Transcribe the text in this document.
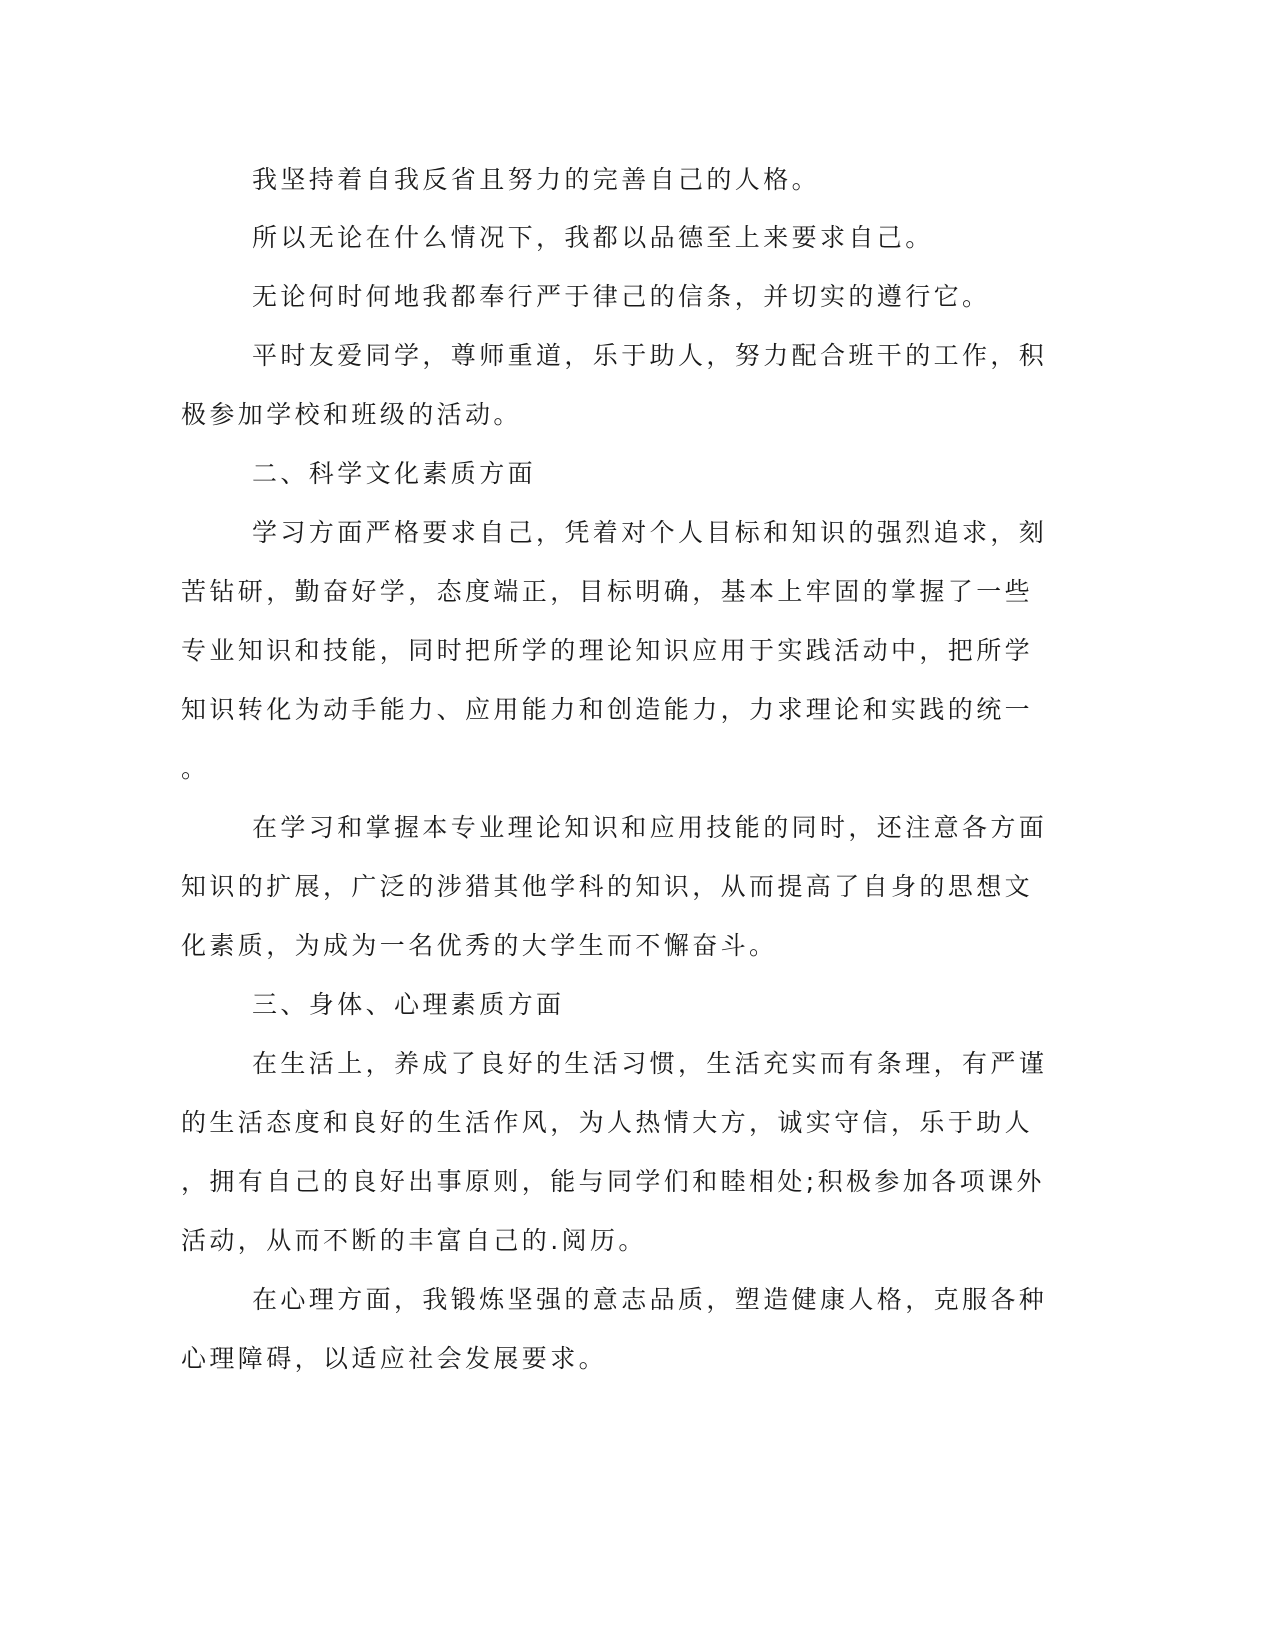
我坚持着自我反省且努力的完善自己的人格。
所以无论在什么情况下，我都以品德至上来要求自己。
无论何时何地我都奉行严于律己的信条，并切实的遵行它。
平时友爱同学，尊师重道，乐于助人，努力配合班干的工作，积
极参加学校和班级的活动。
二、科学文化素质方面
学习方面严格要求自己，凭着对个人目标和知识的强烈追求，刻
苦钻研，勤奋好学，态度端正，目标明确，基本上牢固的掌握了一些
专业知识和技能，同时把所学的理论知识应用于实践活动中，把所学
知识转化为动手能力、应用能力和创造能力，力求理论和实践的统一
。
在学习和掌握本专业理论知识和应用技能的同时，还注意各方面
知识的扩展，广泛的涉猎其他学科的知识，从而提高了自身的思想文
化素质，为成为一名优秀的大学生而不懈奋斗。
三、身体、心理素质方面
在生活上，养成了良好的生活习惯，生活充实而有条理，有严谨
的生活态度和良好的生活作风，为人热情大方，诚实守信，乐于助人
，拥有自己的良好出事原则，能与同学们和睦相处;积极参加各项课外
活动，从而不断的丰富自己的.阅历。
在心理方面，我锻炼坚强的意志品质，塑造健康人格，克服各种
心理障碍，以适应社会发展要求。
